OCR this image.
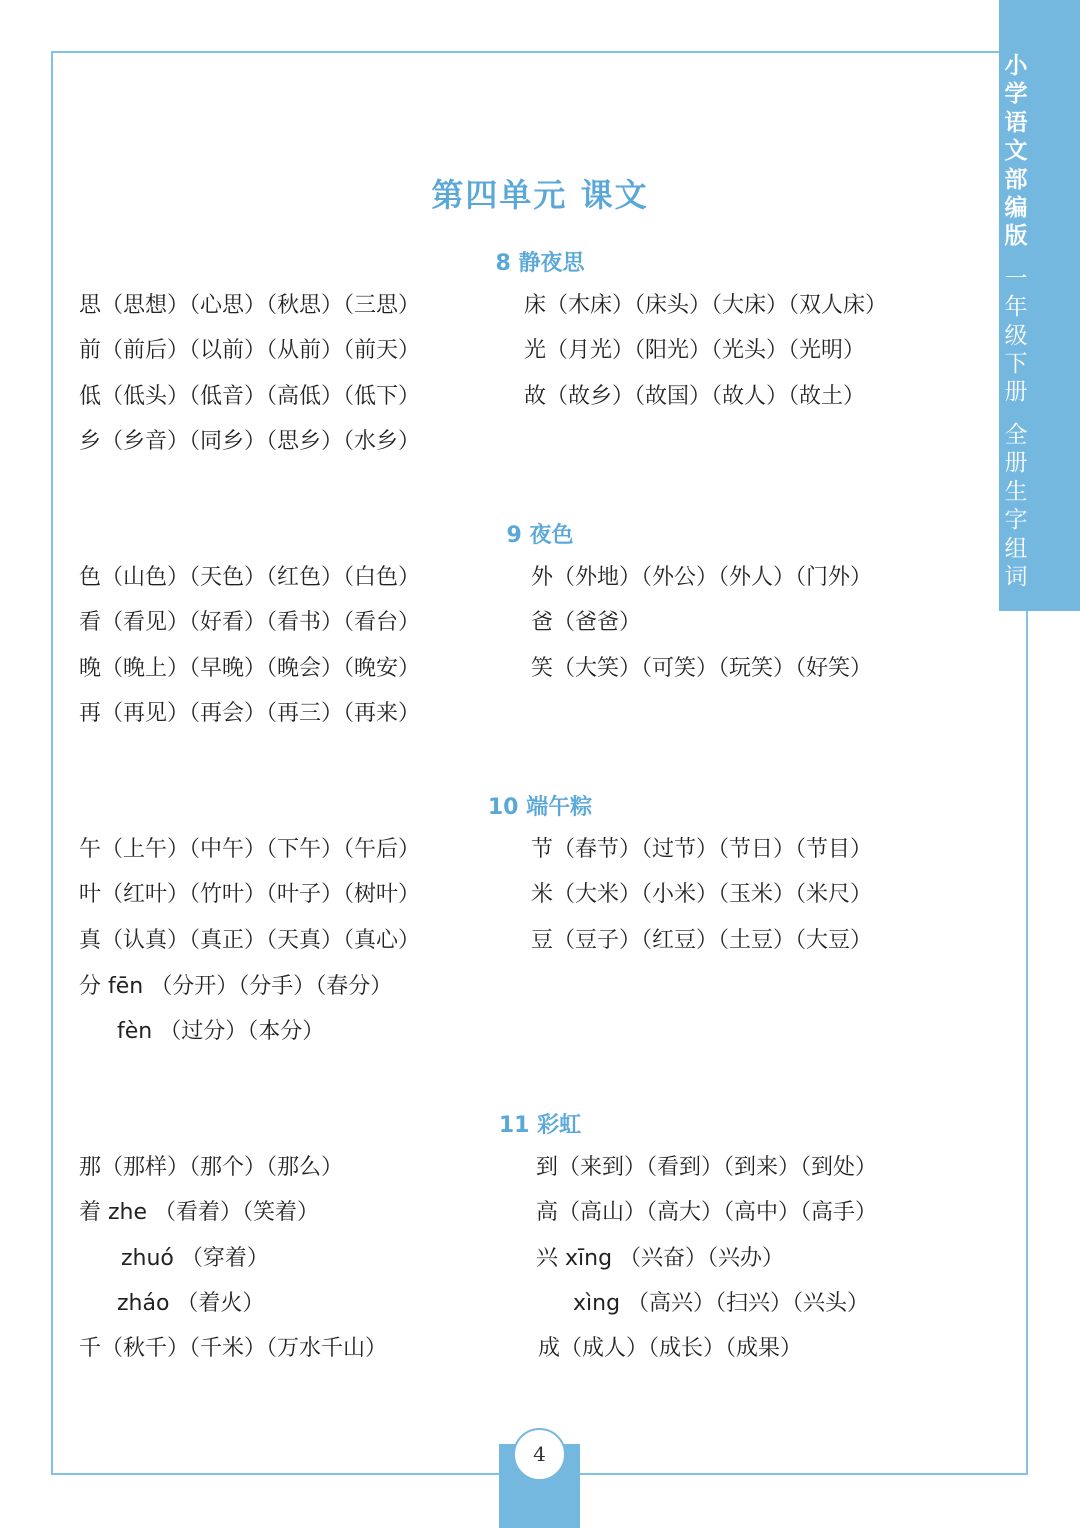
小
学
语
文
部
编
版
一
年
级
下
册
全
册
生
字
组
词
第四单元 课文
8 静夜思
思（思想）（心思）（秋思）（三思）	床（木床）（床头）（大床）（双人床）
前（前后）（以前）（从前）（前天）	光（月光）（阳光）（光头）（光明）
低（低头）（低音）（高低）（低下）	故（故乡）（故国）（故人）（故土）
乡（乡音）（同乡）（思乡）（水乡）
9 夜色
色（山色）（天色）（红色）（白色）	外（外地）（外公）（外人）（门外）
看（看见）（好看）（看书）（看台）	爸（爸爸）
晚（晚上）（早晚）（晚会）（晚安）	笑（大笑）（可笑）（玩笑）（好笑）
再（再见）（再会）（再三）（再来）
10 端午粽
午（上午）（中午）（下午）（午后）	节（春节）（过节）（节日）（节目）
叶（红叶）（竹叶）（叶子）（树叶）	米（大米）（小米）（玉米）（米尺）
真（认真）（真正）（天真）（真心）	豆（豆子）（红豆）（土豆）（大豆）
分 fēn （分开）（分手）（春分）
fèn （过分）（本分）
11 彩虹
那（那样）（那个）（那么）	到（来到）（看到）（到来）（到处）
着 zhe （看着）（笑着）	高（高山）（高大）（高中）（高手）
zhuó （穿着）	兴 xīng （兴奋）（兴办）
zháo （着火）	xìng （高兴）（扫兴）（兴头）
千（秋千）（千米）（万水千山）	成（成人）（成长）（成果）
4
